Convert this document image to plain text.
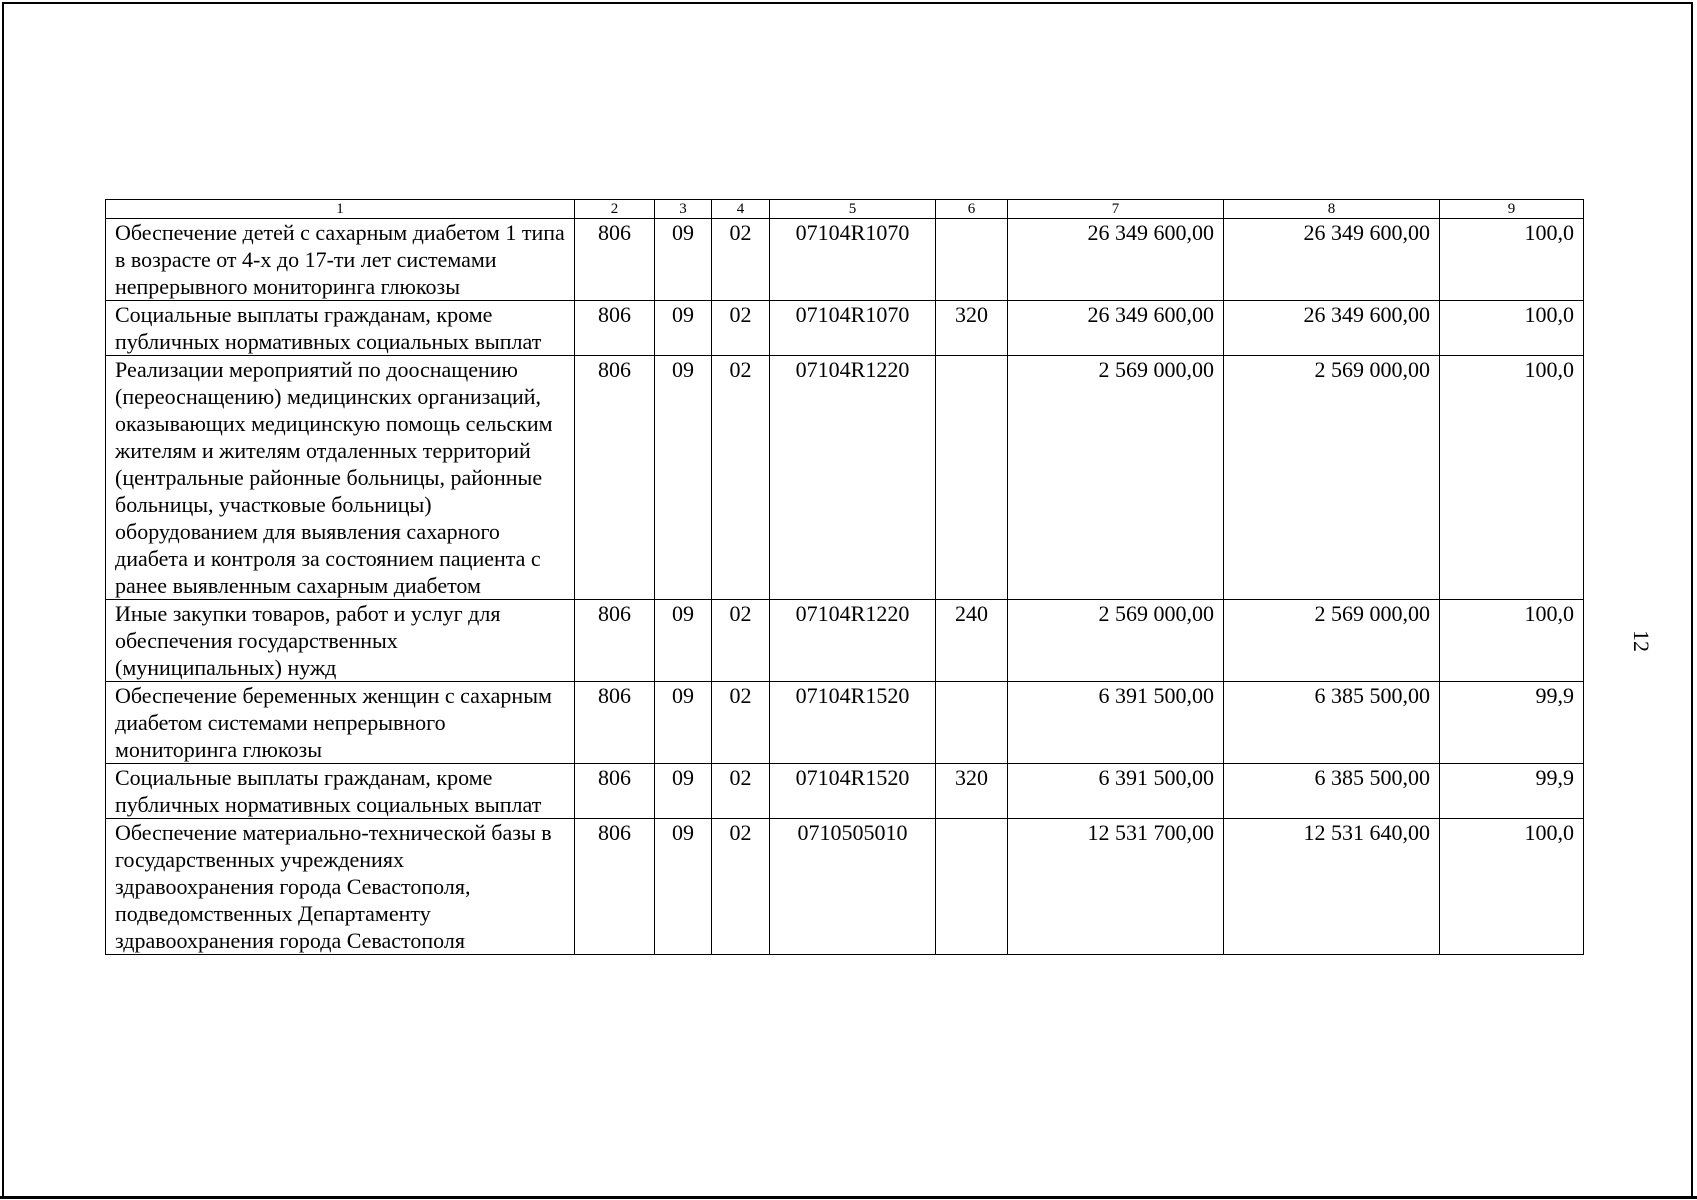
12
1	2	3	4	5	6	7	8	9
Обеспечение детей с сахарным диабетом 1 типа в возрасте от 4-х до 17-ти лет системами непрерывного мониторинга глюкозы	806	09	02	07104R1070		26 349 600,00	26 349 600,00	100,0
Социальные выплаты гражданам, кроме публичных нормативных социальных выплат	806	09	02	07104R1070	320	26 349 600,00	26 349 600,00	100,0
Реализации мероприятий по дооснащению (переоснащению) медицинских организаций, оказывающих медицинскую помощь сельским жителям и жителям отдаленных территорий (центральные районные больницы, районные больницы, участковые больницы) оборудованием для выявления сахарного диабета и контроля за состоянием пациента с ранее выявленным сахарным диабетом	806	09	02	07104R1220		2 569 000,00	2 569 000,00	100,0
Иные закупки товаров, работ и услуг для обеспечения государственных (муниципальных) нужд	806	09	02	07104R1220	240	2 569 000,00	2 569 000,00	100,0
Обеспечение беременных женщин с сахарным диабетом системами непрерывного мониторинга глюкозы	806	09	02	07104R1520		6 391 500,00	6 385 500,00	99,9
Социальные выплаты гражданам, кроме публичных нормативных социальных выплат	806	09	02	07104R1520	320	6 391 500,00	6 385 500,00	99,9
Обеспечение материально-технической базы в государственных учреждениях здравоохранения города Севастополя, подведомственных Департаменту здравоохранения города Севастополя	806	09	02	0710505010		12 531 700,00	12 531 640,00	100,0
